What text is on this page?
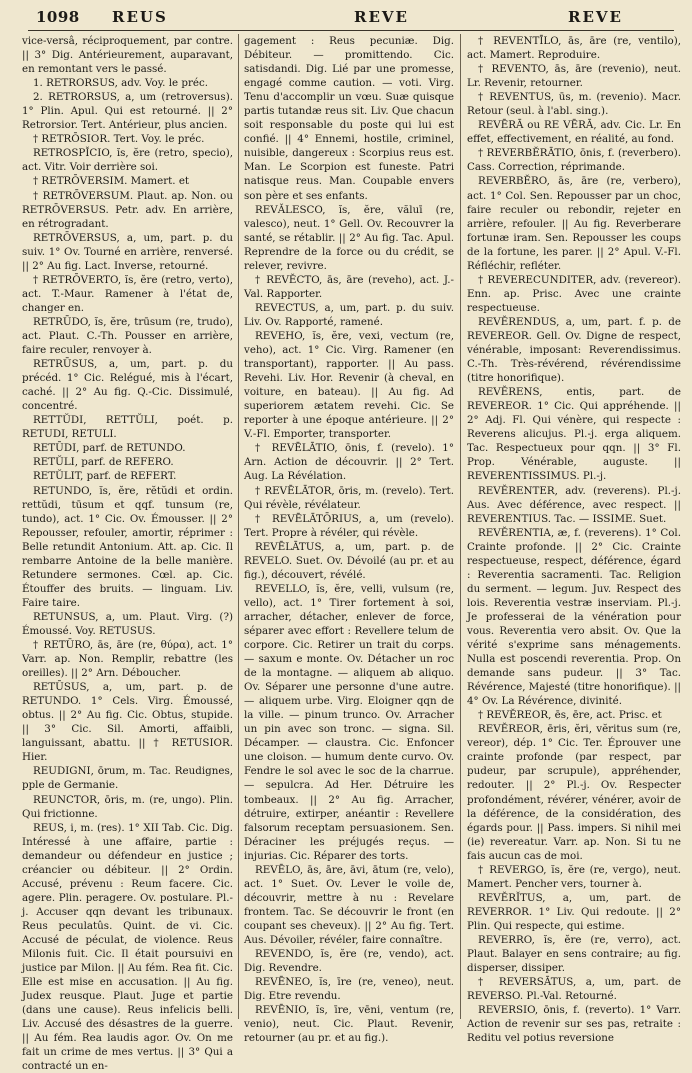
1098 REUS	REVE	REVE

vice-versâ, réciproquement, par contre. || 3° Dig. Antérieurement, auparavant, en remontant vers le passé.

1. RETRORSUS, adv. Voy. le préc.

2. RETRORSUS, a, um (retroversus). 1° Plin. Apul. Qui est retourné. || 2° Retrorsior. Tert. Antérieur, plus ancien.

† RETRŌSIOR. Tert. Voy. le préc.

RETROSPĬCIO, ĭs, ĕre (retro, specio), act. Vitr. Voir derrière soi.

† RETRŌVERSIM. Mamert. et

† RETRŌVERSUM. Plaut. ap. Non. ou RETRŌVERSUS. Petr. adv. En arrière, en rétrogradant.

RETRŌVERSUS, a, um, part. p. du suiv. 1° Ov. Tourné en arrière, renversé. || 2° Au fig. Lact. Inverse, retourné.

† RETRŌVERTO, ĭs, ĕre (retro, verto), act. T.-Maur. Ramener à l'état de, changer en.

RETRŪDO, ĭs, ĕre, trūsum (re, trudo), act. Plaut. C.-Th. Pousser en arrière, faire reculer, renvoyer à.

RETRŪSUS, a, um, part. p. du précéd. 1° Cic. Relégué, mis à l'écart, caché. || 2° Au fig. Q.-Cic. Dissimulé, concentré.

RETTŬDI, RETTŬLI, poét. p. RETUDI, RETULI.

RETŪDI, parf. de RETUNDO.

RETŬLI, parf. de REFERO.

RETŬLIT, parf. de REFERT.

RETUNDO, ĭs, ĕre, rĕtŭdi et ordin. rettŭdi, tūsum et qqf. tunsum (re, tundo), act. 1° Cic. Ov. Émousser. || 2° Repousser, refouler, amortir, réprimer : Belle retundit Antonium. Att. ap. Cic. Il rembarre Antoine de la belle manière. Retundere sermones. Cœl. ap. Cic. Étouffer des bruits. — linguam. Liv. Faire taire.

RETUNSUS, a, um. Plaut. Virg. (?) Émoussé. Voy. RETUSUS.

† RETŪRO, ās, āre (re, θύρα), act. 1° Varr. ap. Non. Remplir, rebattre (les oreilles). || 2° Arn. Déboucher.

RETŪSUS, a, um, part. p. de RETUNDO. 1° Cels. Virg. Émoussé, obtus. || 2° Au fig. Cic. Obtus, stupide. || 3° Cic. Sil. Amorti, affaibli, languissant, abattu. || † RETUSIOR. Hier.

REUDIGNI, ōrum, m. Tac. Reudignes, pple de Germanie.

REUNCTOR, ōris, m. (re, ungo). Plin. Qui frictionne.

REUS, i, m. (res). 1° XII Tab. Cic. Dig. Intéressé à une affaire, partie : demandeur ou défendeur en justice ; créancier ou débiteur. || 2° Ordin. Accusé, prévenu : Reum facere. Cic. agere. Plin. peragere. Ov. postulare. Pl.-j. Accuser qqn devant les tribunaux. Reus peculatûs. Quint. de vi. Cic. Accusé de péculat, de violence. Reus Milonis fuit. Cic. Il était poursuivi en justice par Milon. || Au fém. Rea fit. Cic. Elle est mise en accusation. || Au fig. Judex reusque. Plaut. Juge et partie (dans une cause). Reus infelicis belli. Liv. Accusé des désastres de la guerre. || Au fém. Rea laudis agor. Ov. On me fait un crime de mes vertus. || 3° Qui a contracté un en-

gagement : Reus pecuniæ. Dig. Débiteur. — promittendo. Cic. satisdandi. Dig. Lié par une promesse, engagé comme caution. — voti. Virg. Tenu d'accomplir un vœu. Suæ quisque partis tutandæ reus sit. Liv. Que chacun soit responsable du poste qui lui est confié. || 4° Ennemi, hostile, criminel, nuisible, dangereux : Scorpius reus est. Man. Le Scorpion est funeste. Patri natisque reus. Man. Coupable envers son père et ses enfants.

REVĂLESCO, ĭs, ĕre, văluī (re, valesco), neut. 1° Gell. Ov. Recouvrer la santé, se rétablir. || 2° Au fig. Tac. Apul. Reprendre de la force ou du crédit, se relever, revivre.

† REVĔCTO, ās, āre (reveho), act. J.-Val. Rapporter.

REVECTUS, a, um, part. p. du suiv. Liv. Ov. Rapporté, ramené.

REVEHO, ĭs, ĕre, vexi, vectum (re, veho), act. 1° Cic. Virg. Ramener (en transportant), rapporter. || Au pass. Revehi. Liv. Hor. Revenir (à cheval, en voiture, en bateau). || Au fig. Ad superiorem ætatem revehi. Cic. Se reporter à une époque antérieure. || 2° V.-Fl. Emporter, transporter.

† REVĒLĀTIO, ōnis, f. (revelo). 1° Arn. Action de découvrir. || 2° Tert. Aug. La Révélation.

† REVĒLĀTOR, ōris, m. (revelo). Tert. Qui révèle, révélateur.

† REVĒLĀTŌRIUS, a, um (revelo). Tert. Propre à révéler, qui révèle.

REVĒLĀTUS, a, um, part. p. de REVELO. Suet. Ov. Dévoilé (au pr. et au fig.), découvert, révélé.

REVELLO, ĭs, ĕre, velli, vulsum (re, vello), act. 1° Tirer fortement à soi, arracher, détacher, enlever de force, séparer avec effort : Revellere telum de corpore. Cic. Retirer un trait du corps. — saxum e monte. Ov. Détacher un roc de la montagne. — aliquem ab aliquo. Ov. Séparer une personne d'une autre. — aliquem urbe. Virg. Eloigner qqn de la ville. — pinum trunco. Ov. Arracher un pin avec son tronc. — signa. Sil. Décamper. — claustra. Cic. Enfoncer une cloison. — humum dente curvo. Ov. Fendre le sol avec le soc de la charrue. — sepulcra. Ad Her. Détruire les tombeaux. || 2° Au fig. Arracher, détruire, extirper, anéantir : Revellere falsorum receptam persuasionem. Sen. Déraciner les préjugés reçus. — injurias. Cic. Réparer des torts.

REVĒLO, ās, āre, āvi, ātum (re, velo), act. 1° Suet. Ov. Lever le voile de, découvrir, mettre à nu : Revelare frontem. Tac. Se découvrir le front (en coupant ses cheveux). || 2° Au fig. Tert. Aus. Dévoiler, révéler, faire connaître.

REVENDO, ĭs, ĕre (re, vendo), act. Dig. Revendre.

REVĒNEO, ĭs, īre (re, veneo), neut. Dig. Etre revendu.

REVĒNIO, ĭs, īre, vēni, ventum (re, venio), neut. Cic. Plaut. Revenir, retourner (au pr. et au fig.).

† REVENTĪLO, ās, āre (re, ventilo), act. Mamert. Reproduire.

† REVENTO, ās, āre (revenio), neut. Lr. Revenir, retourner.

† REVENTUS, ūs, m. (revenio). Macr. Retour (seul. à l'abl. sing.).

REVĒRĀ ou RE VĒRĀ, adv. Cic. Lr. En effet, effectivement, en réalité, au fond.

† REVERBĔRĀTIO, ōnis, f. (reverbero). Cass. Correction, réprimande.

REVERBĔRO, ās, āre (re, verbero), act. 1° Col. Sen. Repousser par un choc, faire reculer ou rebondir, rejeter en arrière, refouler. || Au fig. Reverberare fortunæ iram. Sen. Repousser les coups de la fortune, les parer. || 2° Apul. V.-Fl. Réfléchir, refléter.

† REVERECUNDITER, adv. (revereor). Enn. ap. Prisc. Avec une crainte respectueuse.

REVĔRENDUS, a, um, part. f. p. de REVEREOR. Gell. Ov. Digne de respect, vénérable, imposant: Reverendissimus. C.-Th. Très-révérend, révérendissime (titre honorifique).

REVĔRENS, entis, part. de REVEREOR. 1° Cic. Qui appréhende. || 2° Adj. Fl. Qui vénère, qui respecte : Reverens alicujus. Pl.-j. erga aliquem. Tac. Respectueux pour qqn. || 3° Fl. Prop. Vénérable, auguste. || REVERENTISSIMUS. Pl.-j.

REVĔRENTER, adv. (reverens). Pl.-j. Aus. Avec déférence, avec respect. || REVERENTIUS. Tac. — ISSIME. Suet.

REVĔRENTIA, æ, f. (reverens). 1° Col. Crainte profonde. || 2° Cic. Crainte respectueuse, respect, déférence, égard : Reverentia sacramenti. Tac. Religion du serment. — legum. Juv. Respect des lois. Reverentia vestræ inserviam. Pl.-j. Je professerai de la vénération pour vous. Reverentia vero absit. Ov. Que la vérité s'exprime sans ménagements. Nulla est poscendi reverentia. Prop. On demande sans pudeur. || 3° Tac. Révérence, Majesté (titre honorifique). || 4° Ov. La Révérence, divinité.

† REVĔREOR, ēs, ēre, act. Prisc. et

REVĔREOR, ēris, ĕri, vĕritus sum (re, vereor), dép. 1° Cic. Ter. Éprouver une crainte profonde (par respect, par pudeur, par scrupule), appréhender, redouter. || 2° Pl.-j. Ov. Respecter profondément, révérer, vénérer, avoir de la déférence, de la considération, des égards pour. || Pass. impers. Si nihil mei (ie) revereatur. Varr. ap. Non. Si tu ne fais aucun cas de moi.

† REVERGO, ĭs, ĕre (re, vergo), neut. Mamert. Pencher vers, tourner à.

REVĔRĬTUS, a, um, part. de REVERROR. 1° Liv. Qui redoute. || 2° Plin. Qui respecte, qui estime.

REVERRO, ĭs, ĕre (re, verro), act. Plaut. Balayer en sens contraire; au fig. disperser, dissiper.

† REVERSĀTUS, a, um, part. de REVERSO. Pl.-Val. Retourné.

REVERSIO, ōnis, f. (reverto). 1° Varr. Action de revenir sur ses pas, retraite : Reditu vel potius reversione
